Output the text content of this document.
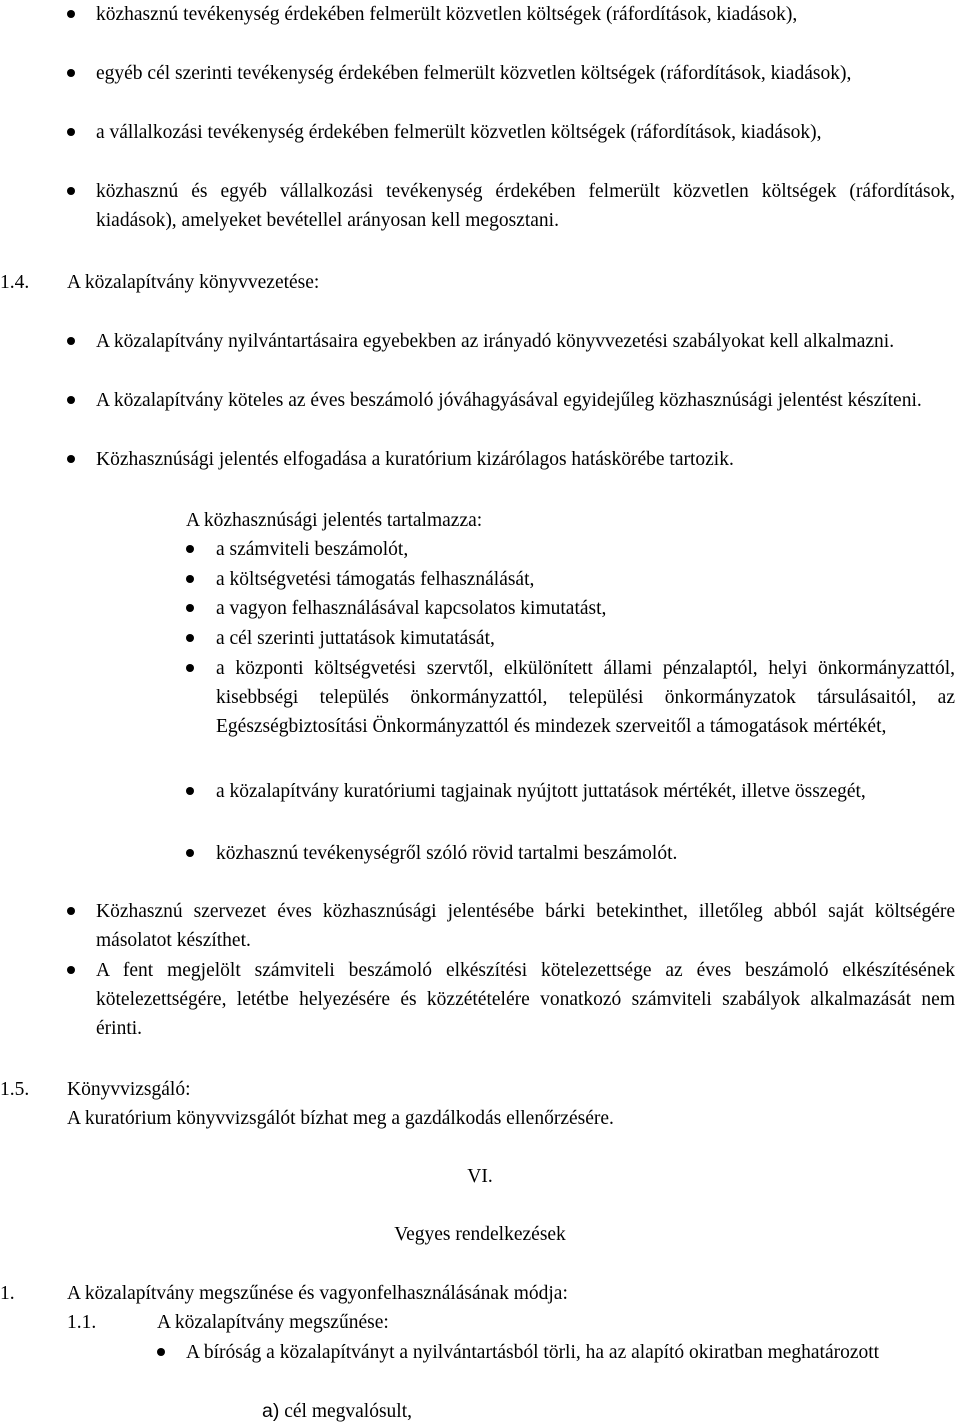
közhasznú tevékenység érdekében felmerült közvetlen költségek (ráfordítások, kiadások),
egyéb cél szerinti tevékenység érdekében felmerült közvetlen költségek (ráfordítások, kiadások),
a vállalkozási tevékenység érdekében felmerült közvetlen költségek (ráfordítások, kiadások),
közhasznú és egyéb vállalkozási tevékenység érdekében felmerült közvetlen költségek (ráfordítások, kiadások), amelyeket bevétellel arányosan kell megosztani.
1.4. A közalapítvány könyvvezetése:
A közalapítvány nyilvántartásaira egyebekben az irányadó könyvvezetési szabályokat kell alkalmazni.
A közalapítvány köteles az éves beszámoló jóváhagyásával egyidejűleg közhasznúsági jelentést készíteni.
Közhasznúsági jelentés elfogadása a kuratórium kizárólagos hatáskörébe tartozik.
A közhasznúsági jelentés tartalmazza:
a számviteli beszámolót,
a költségvetési támogatás felhasználását,
a vagyon felhasználásával kapcsolatos kimutatást,
a cél szerinti juttatások kimutatását,
a központi költségvetési szervtől, elkülönített állami pénzalaptól, helyi önkormányzattól, kisebbségi település önkormányzattól, települési önkormányzatok társulásaitól, az Egészségbiztosítási Önkormányzattól és mindezek szerveitől a támogatások mértékét,
a közalapítvány kuratóriumi tagjainak nyújtott juttatások mértékét, illetve összegét,
közhasznú tevékenységről szóló rövid tartalmi beszámolót.
Közhasznú szervezet éves közhasznúsági jelentésébe bárki betekinthet, illetőleg abból saját költségére másolatot készíthet.
A fent megjelölt számviteli beszámoló elkészítési kötelezettsége az éves beszámoló elkészítésének kötelezettségére, letétbe helyezésére és közzétételére vonatkozó számviteli szabályok alkalmazását nem érinti.
1.5. Könyvvizsgáló:
A kuratórium könyvvizsgálót bízhat meg a gazdálkodás ellenőrzésére.
VI.
Vegyes rendelkezések
1.	A közalapítvány megszűnése és vagyonfelhasználásának módja:
1.1.	A közalapítvány megszűnése:
A bíróság a közalapítványt a nyilvántartásból törli, ha az alapító okiratban meghatározott
a) cél megvalósult,
